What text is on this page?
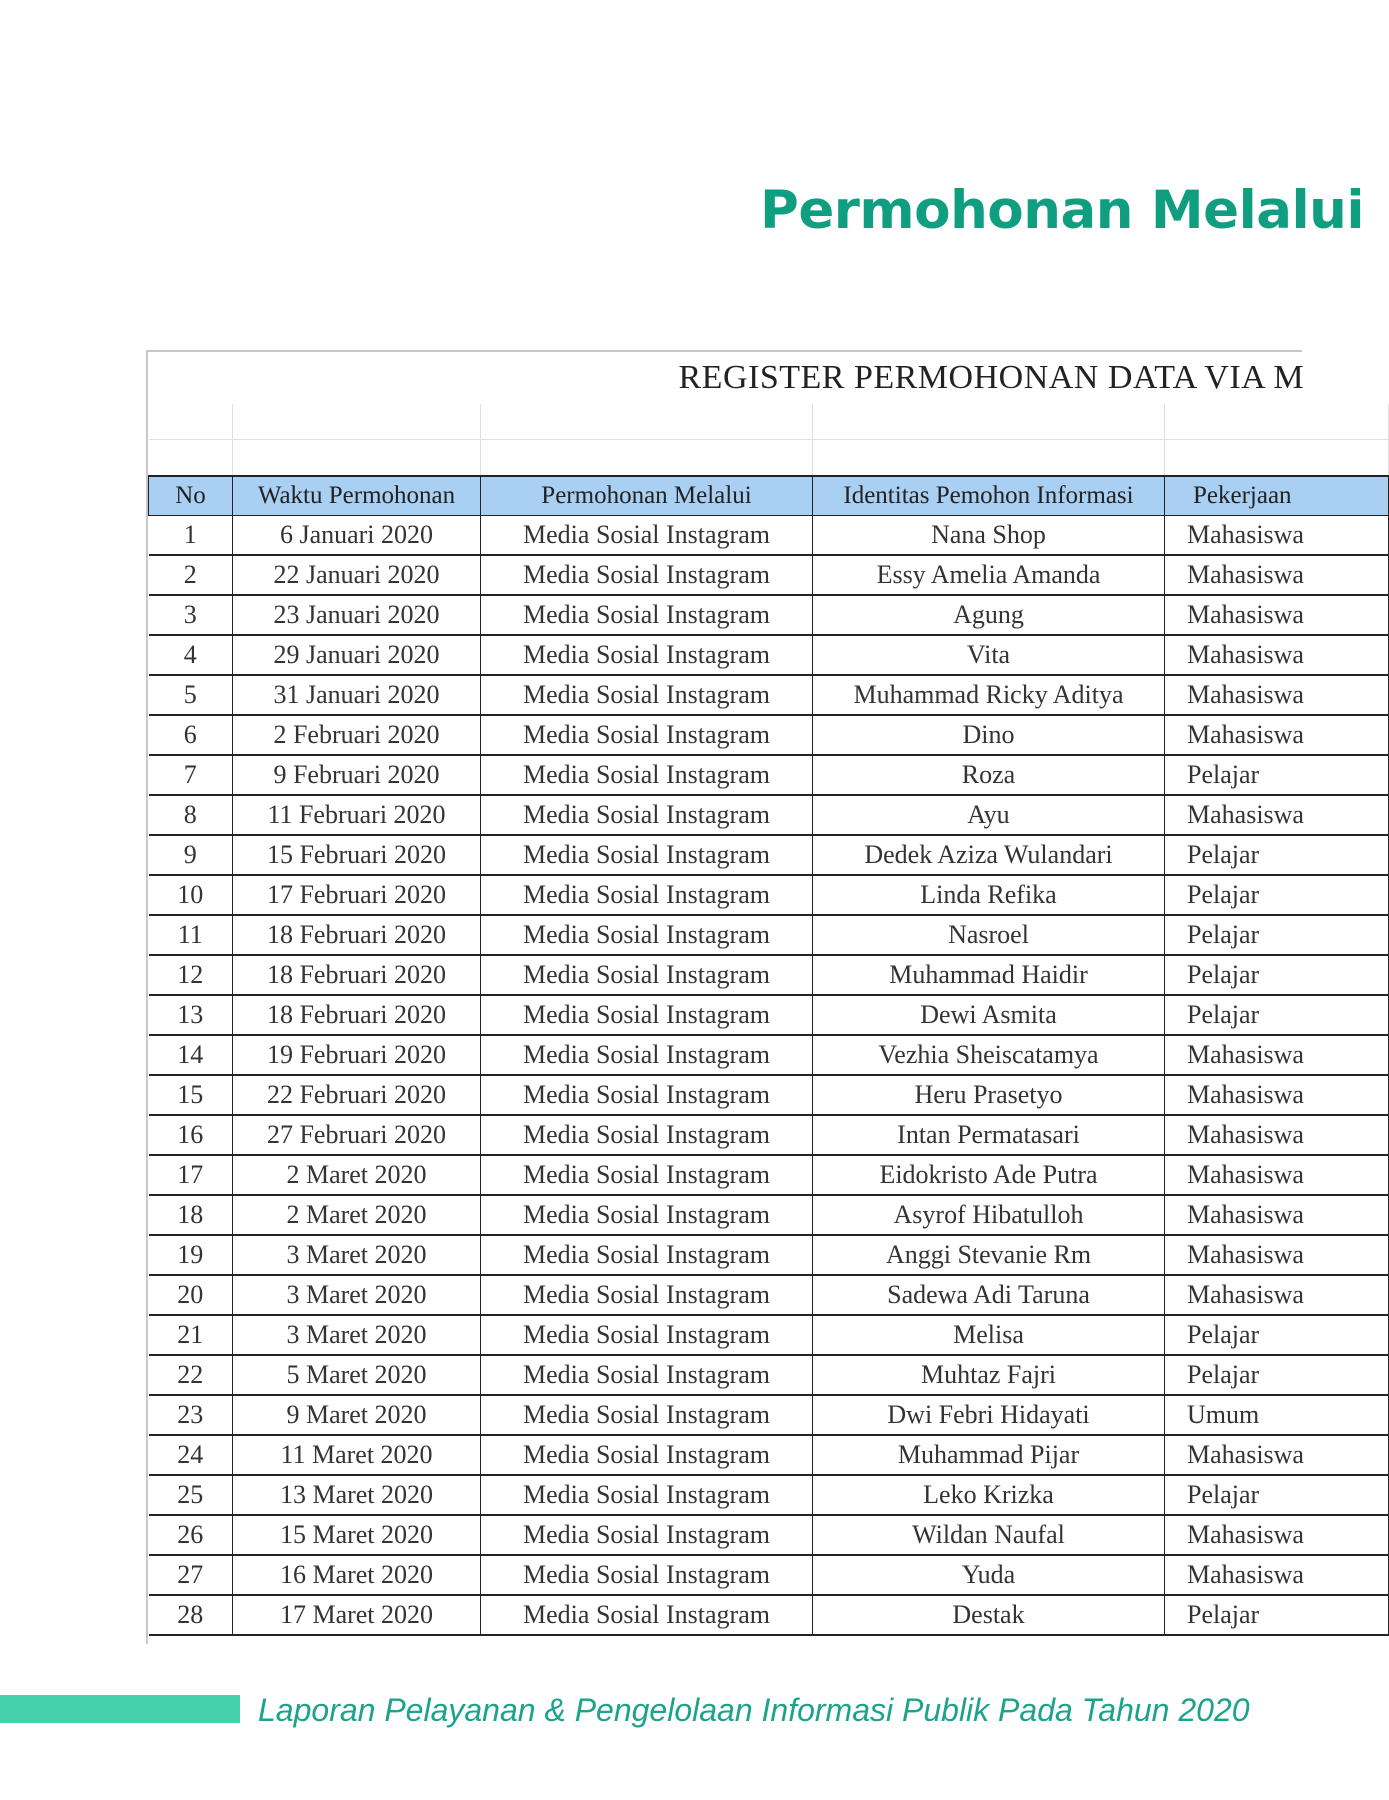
Permohonan Melalui
REGISTER PERMOHONAN DATA VIA M				

No	Waktu Permohonan	Permohonan Melalui	Identitas Pemohon Informasi	Pekerjaan
1	6 Januari 2020	Media Sosial Instagram	Nana Shop	Mahasiswa
2	22 Januari 2020	Media Sosial Instagram	Essy Amelia Amanda	Mahasiswa
3	23 Januari 2020	Media Sosial Instagram	Agung	Mahasiswa
4	29 Januari 2020	Media Sosial Instagram	Vita	Mahasiswa
5	31 Januari 2020	Media Sosial Instagram	Muhammad Ricky Aditya	Mahasiswa
6	2 Februari 2020	Media Sosial Instagram	Dino	Mahasiswa
7	9 Februari 2020	Media Sosial Instagram	Roza	Pelajar
8	11 Februari 2020	Media Sosial Instagram	Ayu	Mahasiswa
9	15 Februari 2020	Media Sosial Instagram	Dedek Aziza Wulandari	Pelajar
10	17 Februari 2020	Media Sosial Instagram	Linda Refika	Pelajar
11	18 Februari 2020	Media Sosial Instagram	Nasroel	Pelajar
12	18 Februari 2020	Media Sosial Instagram	Muhammad Haidir	Pelajar
13	18 Februari 2020	Media Sosial Instagram	Dewi Asmita	Pelajar
14	19 Februari 2020	Media Sosial Instagram	Vezhia Sheiscatamya	Mahasiswa
15	22 Februari 2020	Media Sosial Instagram	Heru Prasetyo	Mahasiswa
16	27 Februari 2020	Media Sosial Instagram	Intan Permatasari	Mahasiswa
17	2 Maret 2020	Media Sosial Instagram	Eidokristo Ade Putra	Mahasiswa
18	2 Maret 2020	Media Sosial Instagram	Asyrof Hibatulloh	Mahasiswa
19	3 Maret 2020	Media Sosial Instagram	Anggi Stevanie Rm	Mahasiswa
20	3 Maret 2020	Media Sosial Instagram	Sadewa Adi Taruna	Mahasiswa
21	3 Maret 2020	Media Sosial Instagram	Melisa	Pelajar
22	5 Maret 2020	Media Sosial Instagram	Muhtaz Fajri	Pelajar
23	9 Maret 2020	Media Sosial Instagram	Dwi Febri Hidayati	Umum
24	11 Maret 2020	Media Sosial Instagram	Muhammad Pijar	Mahasiswa
25	13 Maret 2020	Media Sosial Instagram	Leko Krizka	Pelajar
26	15 Maret 2020	Media Sosial Instagram	Wildan Naufal	Mahasiswa
27	16 Maret 2020	Media Sosial Instagram	Yuda	Mahasiswa
28	17 Maret 2020	Media Sosial Instagram	Destak	Pelajar
Laporan Pelayanan & Pengelolaan Informasi Publik Pada Tahun 2020
